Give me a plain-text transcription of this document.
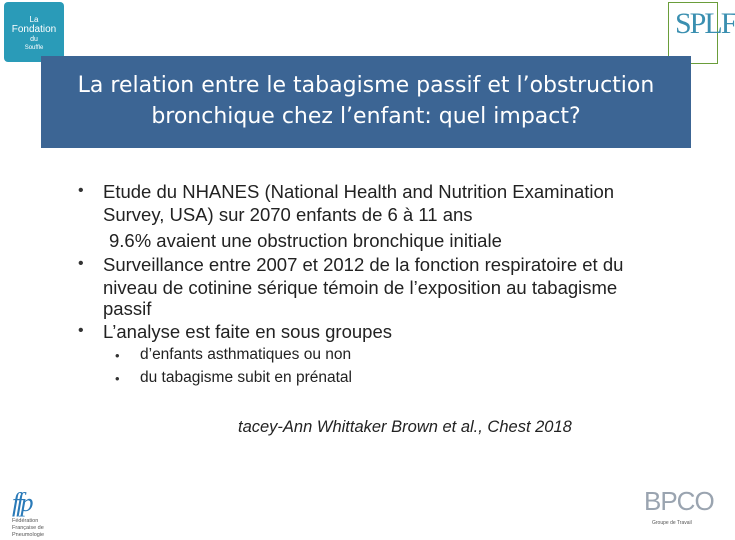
La
Fondation
du
Souffle
SPLF
La relation entre le tabagisme passif et l’obstruction
bronchique chez l’enfant: quel impact?
• Etude du NHANES (National Health and Nutrition Examination
Survey, USA) sur 2070 enfants de 6 à 11 ans
9.6% avaient une obstruction bronchique initiale
• Surveillance entre 2007 et 2012 de la fonction respiratoire et du
niveau de cotinine sérique témoin de l’exposition au tabagisme
passif
• L’analyse est faite en sous groupes
• d’enfants asthmatiques ou non
• du tabagisme subit en prénatal
tacey-Ann Whittaker Brown et al., Chest 2018
ffp
Fédération Française de Pneumologie
BPCO
Groupe de Travail
